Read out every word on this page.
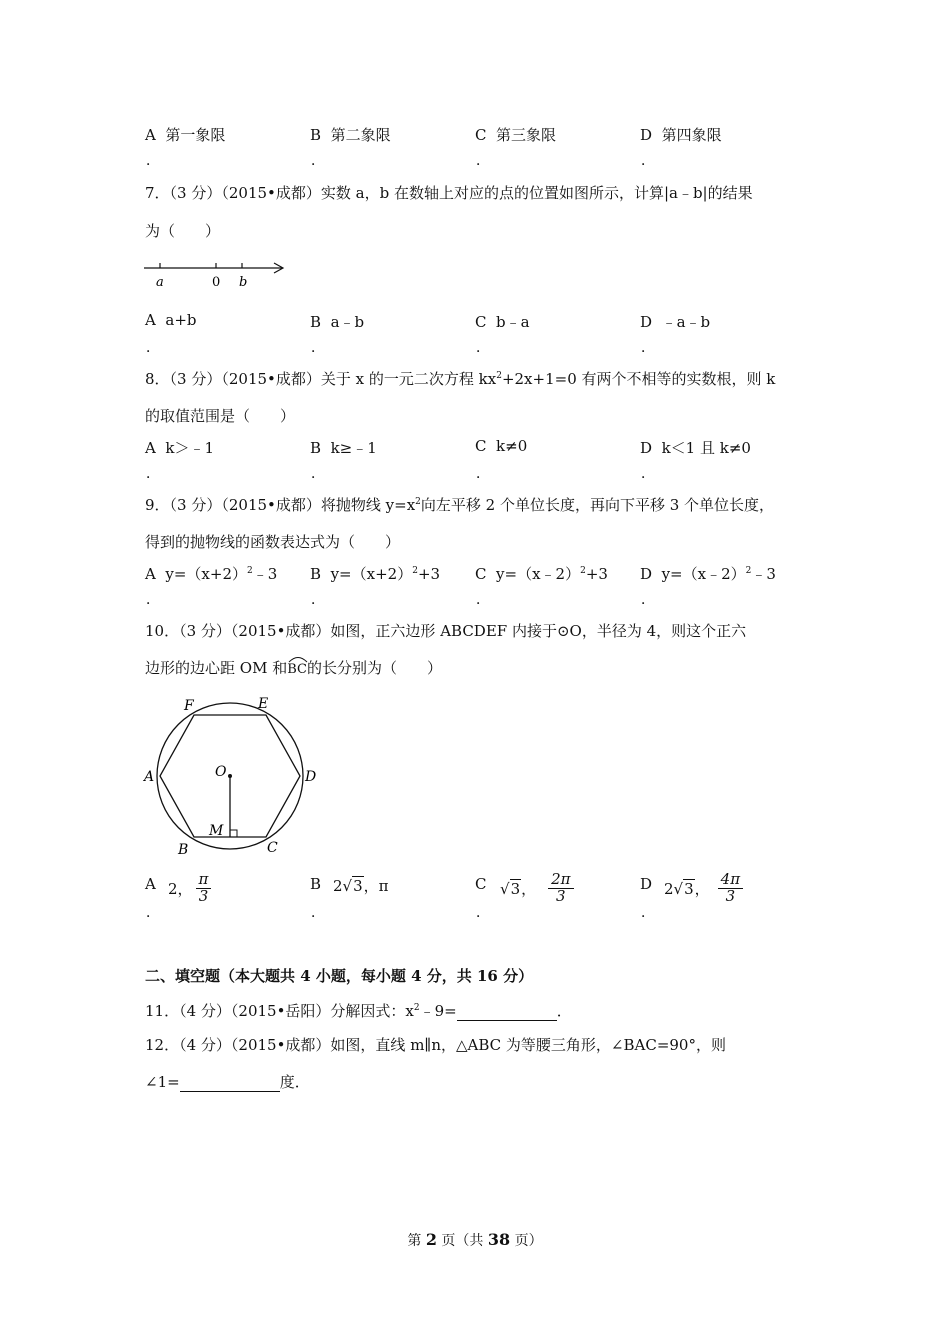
A 第一象限	B 第二象限	C 第三象限	D 第四象限
．	．	．	．
7．（3 分）（2015•成都）实数 a，b 在数轴上对应的点的位置如图所示，计算|a﹣b|的结果
为（　　）
a	0 b
A a+b	B a﹣b	C b﹣a	D ﹣a﹣b
．	．	．	．
8．（3 分）（2015•成都）关于 x 的一元二次方程 $kx^2+2x+1=0$ 有两个不相等的实数根，则 k
的取值范围是（　　）
A k＞﹣1	B k≥﹣1	C k≠0	D k＜1 且 k≠0
．	．	．	．
9．（3 分）（2015•成都）将抛物线 $y=x^2$向左平移 2 个单位长度，再向下平移 3 个单位长度，
得到的抛物线的函数表达式为（　　）
A $y=(x+2)^2﹣3$ B $y=(x+2)^2+3$ C y=（x﹣2）$^2$+3 D y=（x﹣2）$^2$﹣3
．	．	．	．
10．（3 分）（2015•成都）如图，正六边形 ABCDEF 内接于⊙O，半径为 4，则这个正六
边形的边心距 OM 和
BC的长分别为（　　）
F	E
A	D
O
M
B	C
A 2， $\frac{\pi}{3}$	B 2√3，π	C √3， $\frac{2\pi}{3}$	D 2√3， $\frac{4\pi}{3}$
．	．	．	．
二、填空题（本大题共 4 小题，每小题 4 分，共 16 分）
11．（4 分）（2015•岳阳）分解因式：$x^2﹣9=$	．
12．（4 分）（2015•成都）如图，直线 m∥n，△ABC 为等腰三角形，∠BAC=90°，则
∠1=	度．
第 2 页（共 38 页）
